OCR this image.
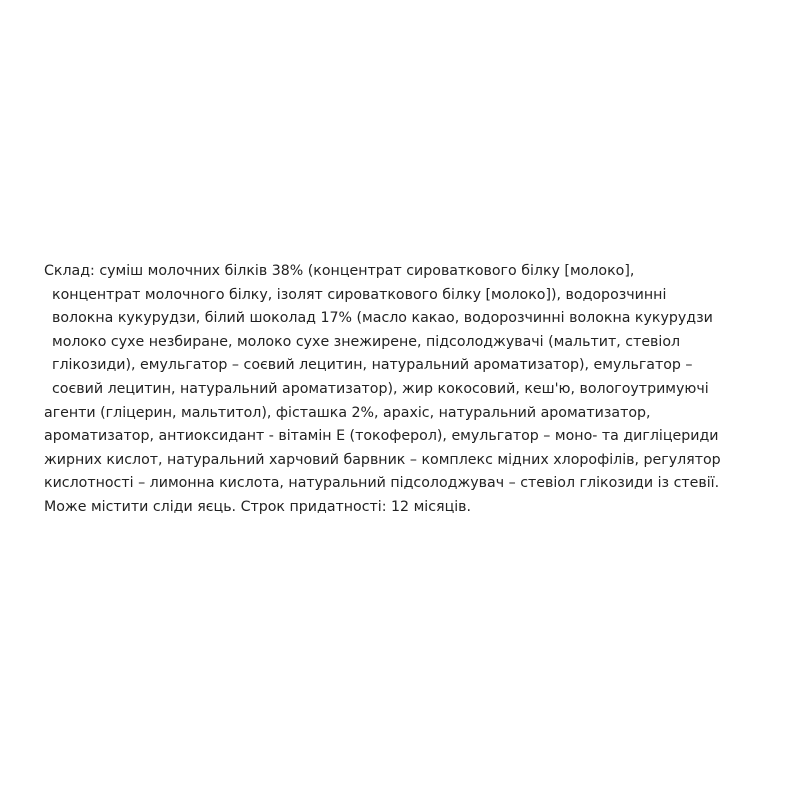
Склад: суміш молочних білків 38% (концентрат сироваткового білку [молоко],
концентрат молочного білку, ізолят сироваткового білку [молоко]), водорозчинні
волокна кукурудзи, білий шоколад 17% (масло какао, водорозчинні волокна кукурудзи
молоко сухе незбиране, молоко сухе знежирене, підсолоджувачі (мальтит, стевіол
глікозиди), емульгатор – соєвий лецитин, натуральний ароматизатор), емульгатор –
соєвий лецитин, натуральний ароматизатор), жир кокосовий, кеш'ю, вологоутримуючі
агенти (гліцерин, мальтитол), фісташка 2%, арахіс, натуральний ароматизатор,
ароматизатор, антиоксидант - вітамін Е (токоферол), емульгатор – моно- та дигліцериди
жирних кислот, натуральний харчовий барвник – комплекс мідних хлорофілів, регулятор
кислотності – лимонна кислота, натуральний підсолоджувач – стевіол глікозиди із стевії.
Може містити сліди яєць. Строк придатності: 12 місяців.
